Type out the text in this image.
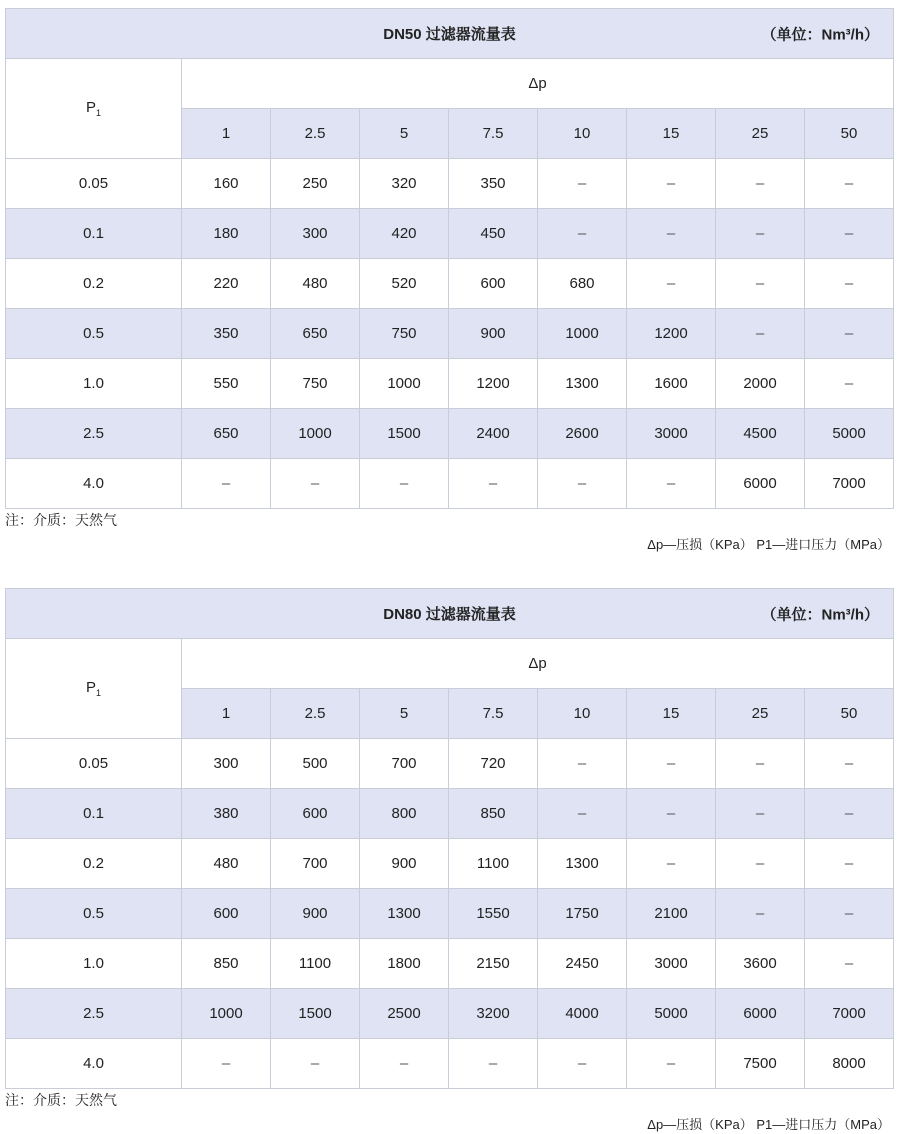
DN50 过滤器流量表 （单位：Nm³/h）								

$P_1$	Δp							
	1	2.5	5	7.5	10	15	25	50
0.05	160	250	320	350	–	–	–	–
0.1	180	300	420	450	–	–	–	–
0.2	220	480	520	600	680	–	–	–
0.5	350	650	750	900	1000	1200	–	–
1.0	550	750	1000	1200	1300	1600	2000	–
2.5	650	1000	1500	2400	2600	3000	4500	5000
4.0	–	–	–	–	–	–	6000	7000
注：介质：天然气
Δp—压损（KPa） P1—进口压力（MPa）
DN80 过滤器流量表 （单位：Nm³/h）								

$P_1$	Δp							
	1	2.5	5	7.5	10	15	25	50
0.05	300	500	700	720	–	–	–	–
0.1	380	600	800	850	–	–	–	–
0.2	480	700	900	1100	1300	–	–	–
0.5	600	900	1300	1550	1750	2100	–	–
1.0	850	1100	1800	2150	2450	3000	3600	–
2.5	1000	1500	2500	3200	4000	5000	6000	7000
4.0	–	–	–	–	–	–	7500	8000
注：介质：天然气
Δp—压损（KPa） P1—进口压力（MPa）
